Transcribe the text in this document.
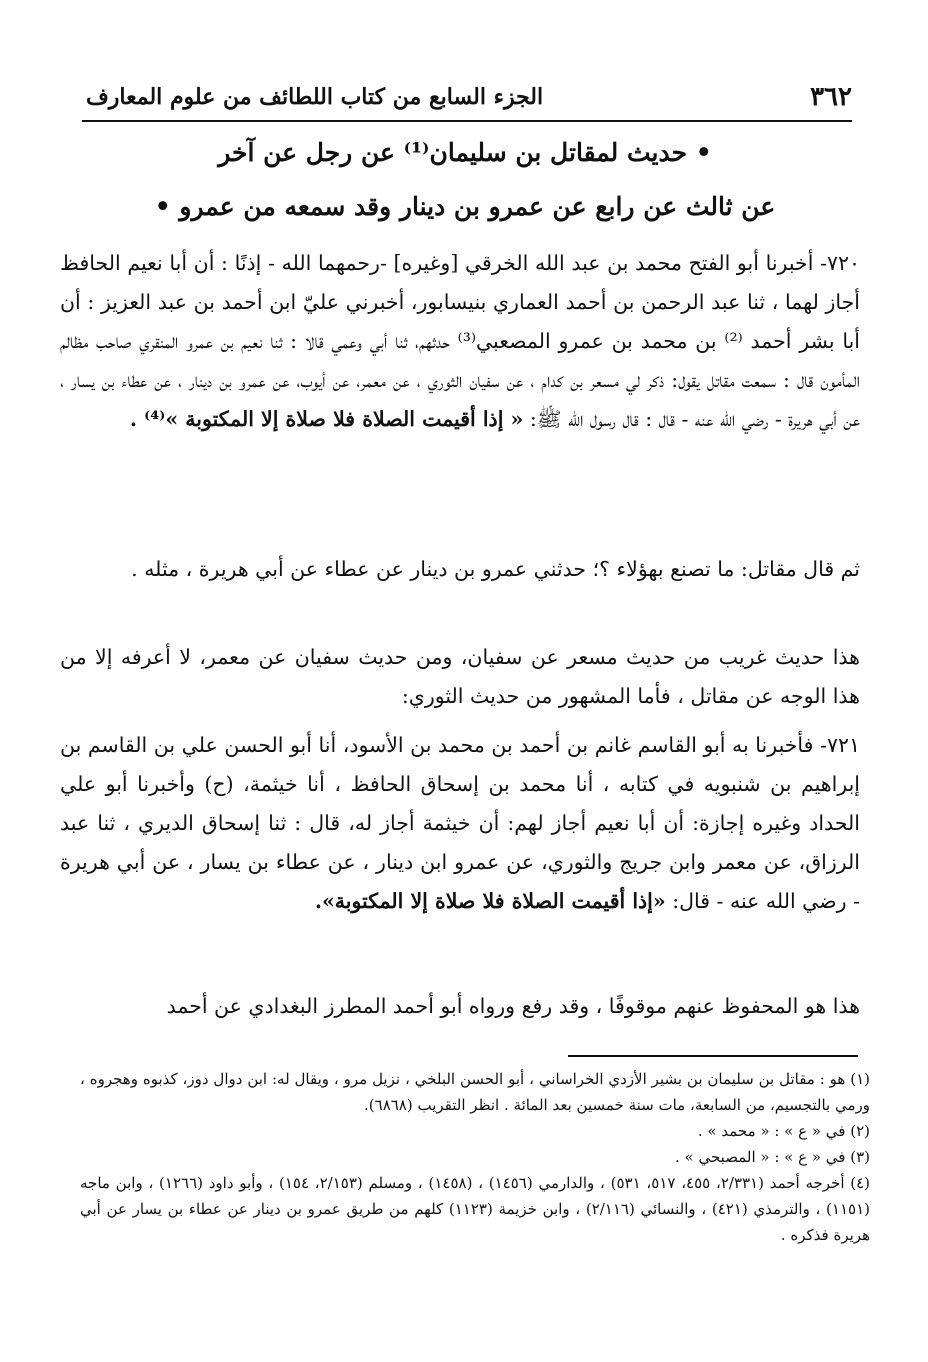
٣٦٢
الجزء السابع من كتاب اللطائف من علوم المعارف
• حديث لمقاتل بن سليمان⁽¹⁾ عن رجل عن آخر
عن ثالث عن رابع عن عمرو بن دينار وقد سمعه من عمرو •
٧٢٠- أخبرنا أبو الفتح محمد بن عبد الله الخرقي [وغيره] -رحمهما الله - إذنًا : أن أبا نعيم الحافظ أجاز لهما ، ثنا عبد الرحمن بن أحمد العماري بنيسابور، أخبرني عليّ ابن أحمد بن عبد العزيز : أن أبا بشر أحمد ⁽²⁾ بن محمد بن عمرو المصعبي⁽³⁾ حدثهم، ثنا أبي وعمي قالا : ثنا نعيم بن عمرو المنقري صاحب مظالم المأمون قال : سمعت مقاتل يقول: ذكر لي مسعر بن كدام ، عن سفيان الثوري ، عن معمر، عن أيوب، عن عمرو بن دينار ، عن عطاء بن يسار ، عن أبي هريرة - رضي الله عنه - قال : قال رسول الله ﷺ: « إذا أقيمت الصلاة فلا صلاة إلا المكتوبة »⁽⁴⁾ .
ثم قال مقاتل: ما تصنع بهؤلاء ؟؛ حدثني عمرو بن دينار عن عطاء عن أبي هريرة ، مثله .
هذا حديث غريب من حديث مسعر عن سفيان، ومن حديث سفيان عن معمر، لا أعرفه إلا من هذا الوجه عن مقاتل ، فأما المشهور من حديث الثوري:
٧٢١- فأخبرنا به أبو القاسم غانم بن أحمد بن محمد بن الأسود، أنا أبو الحسن علي بن القاسم بن إبراهيم بن شنبويه في كتابه ، أنا محمد بن إسحاق الحافظ ، أنا خيثمة، (ح) وأخبرنا أبو علي الحداد وغيره إجازة: أن أبا نعيم أجاز لهم: أن خيثمة أجاز له، قال : ثنا إسحاق الديري ، ثنا عبد الرزاق، عن معمر وابن جريج والثوري، عن عمرو ابن دينار ، عن عطاء بن يسار ، عن أبي هريرة - رضي الله عنه - قال: «إذا أقيمت الصلاة فلا صلاة إلا المكتوبة».
هذا هو المحفوظ عنهم موقوفًا ، وقد رفع ورواه أبو أحمد المطرز البغدادي عن أحمد

(١) هو : مقاتل بن سليمان بن بشير الأزدي الخراساني ، أبو الحسن البلخي ، نزيل مرو ، ويقال له: ابن دوال دوز، كذبوه وهجروه ، ورمي بالتجسيم، من السابعة، مات سنة خمسين بعد المائة . انظر التقريب (٦٨٦٨).

(٢) في « ع » : « محمد » .

(٣) في « ع » : « المصبحي » .

(٤) أخرجه أحمد (٢/٣٣١، ٤٥٥، ٥١٧، ٥٣١) ، والدارمي (١٤٥٦) ، (١٤٥٨) ، ومسلم (٢/١٥٣، ١٥٤) ، وأبو داود (١٢٦٦) ، وابن ماجه (١١٥١) ، والترمذي (٤٢١) ، والنسائي (٢/١١٦) ، وابن خزيمة (١١٢٣) كلهم من طريق عمرو بن دينار عن عطاء بن يسار عن أبي هريرة فذكره .
